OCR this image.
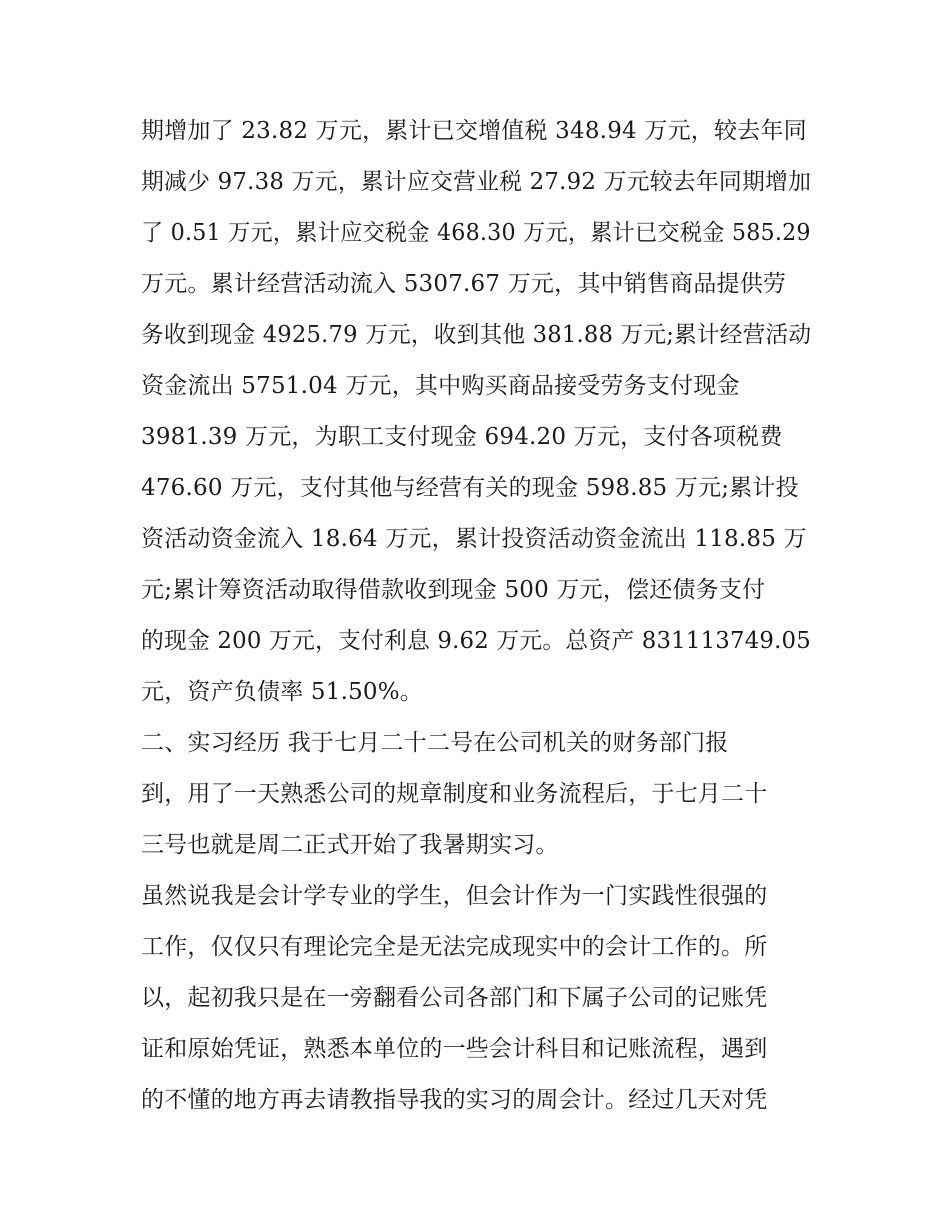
期增加了 23.82 万元，累计已交增值税 348.94 万元，较去年同
期减少 97.38 万元，累计应交营业税 27.92 万元较去年同期增加
了 0.51 万元，累计应交税金 468.30 万元，累计已交税金 585.29
万元。累计经营活动流入 5307.67 万元，其中销售商品提供劳
务收到现金 4925.79 万元，收到其他 381.88 万元;累计经营活动
资金流出 5751.04 万元，其中购买商品接受劳务支付现金
3981.39 万元，为职工支付现金 694.20 万元，支付各项税费
476.60 万元，支付其他与经营有关的现金 598.85 万元;累计投
资活动资金流入 18.64 万元，累计投资活动资金流出 118.85 万
元;累计筹资活动取得借款收到现金 500 万元，偿还债务支付
的现金 200 万元，支付利息 9.62 万元。总资产 831113749.05
元，资产负债率 51.50%。
二、实习经历 我于七月二十二号在公司机关的财务部门报
到，用了一天熟悉公司的规章制度和业务流程后，于七月二十
三号也就是周二正式开始了我暑期实习。
虽然说我是会计学专业的学生，但会计作为一门实践性很强的
工作，仅仅只有理论完全是无法完成现实中的会计工作的。所
以，起初我只是在一旁翻看公司各部门和下属子公司的记账凭
证和原始凭证，熟悉本单位的一些会计科目和记账流程，遇到
的不懂的地方再去请教指导我的实习的周会计。经过几天对凭
